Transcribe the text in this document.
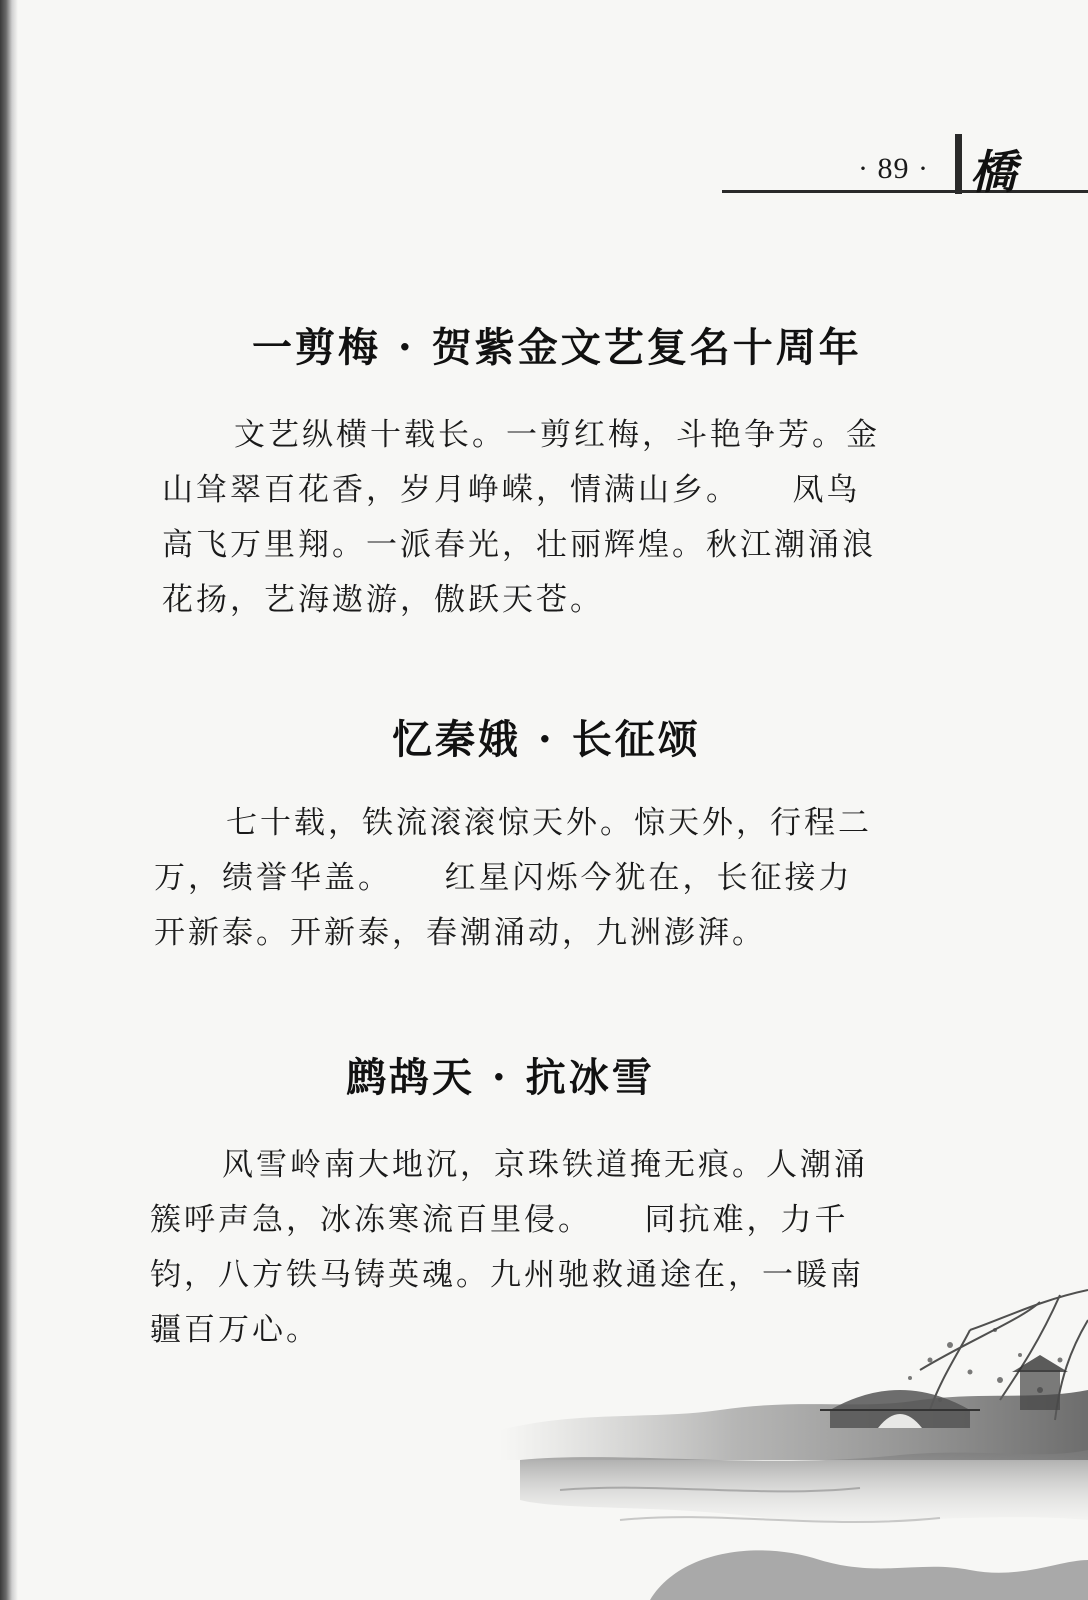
· 89 · 橋
一剪梅 · 贺紫金文艺复名十周年
文艺纵横十载长。一剪红梅，斗艳争芳。金
山耸翠百花香，岁月峥嵘，情满山乡。　　凤鸟
高飞万里翔。一派春光，壮丽辉煌。秋江潮涌浪
花扬，艺海遨游，傲跃天苍。
忆秦娥 · 长征颂
七十载，铁流滚滚惊天外。惊天外，行程二
万，绩誉华盖。　　红星闪烁今犹在，长征接力
开新泰。开新泰，春潮涌动，九洲澎湃。
鹧鸪天 · 抗冰雪
风雪岭南大地沉，京珠铁道掩无痕。人潮涌
簇呼声急，冰冻寒流百里侵。　　同抗难，力千
钧，八方铁马铸英魂。九州驰救通途在，一暖南
疆百万心。
